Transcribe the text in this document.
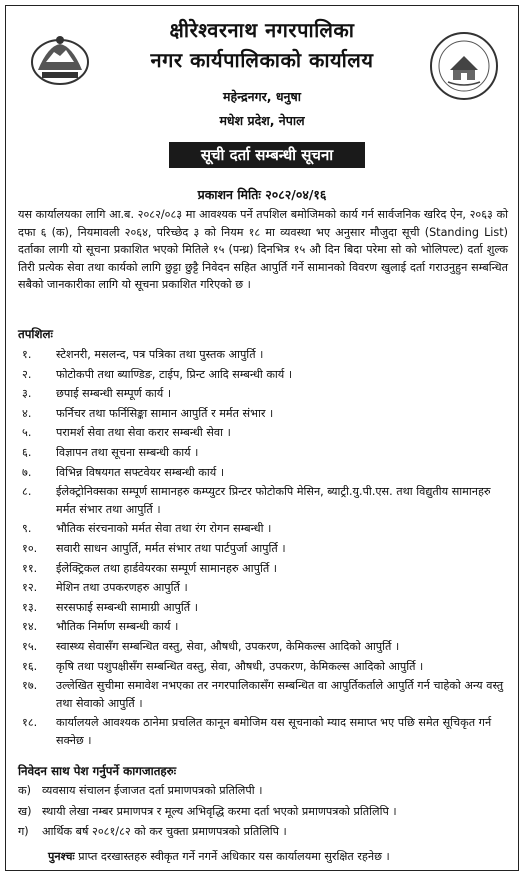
क्षीरेश्वरनाथ नगरपालिका
नगर कार्यपालिकाको कार्यालय
महेन्द्रनगर, धनुषा
मधेश प्रदेश, नेपाल
सूची दर्ता सम्बन्धी सूचना
प्रकाशन मितिः २०८२/०४/१६

यस कार्यालयका लागि आ.ब. २०८२/०८३ मा आवश्यक पर्ने तपशिल बमोजिमको कार्य गर्न सार्वजनिक खरिद ऐन, २०६३ को दफा ६ (क), नियमावली २०६४, परिच्छेद ३ को नियम १८ मा व्यवस्था भए अनुसार मौजुदा सूची (Standing List) दर्ताका लागी यो सूचना प्रकाशित भएको मितिले १५ (पन्ध्र) दिनभित्र १५ औ दिन बिदा परेमा सो को भोलिपल्ट) दर्ता शुल्क तिरी प्रत्येक सेवा तथा कार्यको लागि छुट्टा छुट्टै निवेदन सहित आपुर्ति गर्ने सामानको विवरण खुलाई दर्ता गराउनुहुन सम्बन्धित सबैको जानकारीका लागि यो सूचना प्रकाशित गरिएको छ ।

तपशिलः
१.	स्टेशनरी, मसलन्द, पत्र पत्रिका तथा पुस्तक आपुर्ति ।
२.	फोटोकपी तथा ब्याण्डिङ, टाईप, प्रिन्ट आदि सम्बन्धी कार्य ।
३.	छपाई सम्बन्धी सम्पूर्ण कार्य ।
४.	फर्निचर तथा फर्निसिङ्का सामान आपुर्ति र मर्मत संभार ।
५.	परामर्श सेवा तथा सेवा करार सम्बन्धी सेवा ।
६.	विज्ञापन तथा सूचना सम्बन्धी कार्य ।
७.	विभिन्न विषयगत सफ्टवेयर सम्बन्धी कार्य ।
८.	ईलेक्ट्रोनिक्सका सम्पूर्ण सामानहरु कम्प्युटर प्रिन्टर फोटोकपि मेसिन, ब्याट्री.यु.पी.एस. तथा विद्युतीय सामानहरु मर्मत संभार तथा आपुर्ति ।
९.	भौतिक संरचनाको मर्मत सेवा तथा रंग रोगन सम्बन्धी ।
१०.	सवारी साधन आपुर्ति, मर्मत संभार तथा पार्टपुर्जा आपुर्ति ।
११.	ईलेक्ट्रिकल तथा हार्डवेयरका सम्पूर्ण सामानहरु आपुर्ति ।
१२.	मेशिन तथा उपकरणहरु आपुर्ति ।
१३.	सरसफाई सम्बन्धी सामाग्री आपुर्ति ।
१४.	भौतिक निर्माण सम्बन्धी कार्य ।
१५.	स्वास्थ्य सेवासँग सम्बन्धित वस्तु, सेवा, औषधी, उपकरण, केमिकल्स आदिको आपुर्ति ।
१६.	कृषि तथा पशुपक्षीसँग सम्बन्धित वस्तु, सेवा, औषधी, उपकरण, केमिकल्स आदिको आपुर्ति ।
१७.	उल्लेखित सुचीमा समावेश नभएका तर नगरपालिकासँग सम्बन्धित वा आपुर्तिकर्ताले आपुर्ति गर्न चाहेको अन्य वस्तु तथा सेवाको आपुर्ति ।
१८.	कार्यालयले आवश्यक ठानेमा प्रचलित कानून बमोजिम यस सूचनाको म्याद समाप्त भए पछि समेत सूचिकृत गर्न सक्नेछ ।
निवेदन साथ पेश गर्नुपर्ने कागजातहरुः
क) व्यवसाय संचालन ईजाजत दर्ता प्रमाणपत्रको प्रतिलिपी ।
ख) स्थायी लेखा नम्बर प्रमाणपत्र र मूल्य अभिवृद्धि करमा दर्ता भएको प्रमाणपत्रको प्रतिलिपि ।
ग)	आर्थिक बर्ष २०८१/८२ को कर चुक्ता प्रमाणपत्रको प्रतिलिपि ।
पुनश्चः प्राप्त दरखास्तहरु स्वीकृत गर्ने नगर्ने अधिकार यस कार्यालयमा सुरक्षित रहनेछ ।
